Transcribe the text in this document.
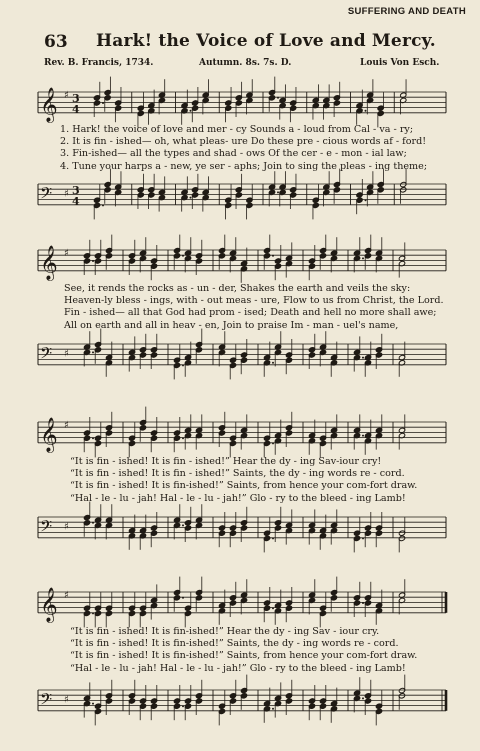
SUFFERING AND DEATH
63 Hark! the Voice of Love and Mercy.
Rev. B. Francis, 1734.	Autumn. 8s. 7s. D.	Louis Von Esch.
𝄞 ♯ 3
4
1. Hark! the voice of love and mer - cy Sounds a - loud from Cal - va - ry;
2. It is fin - ished— oh, what pleas- ure Do these pre - cious words af - ford!
3. Fin-ished— all the types and shad - ows Of the cer - e - mon - ial law;
4. Tune your harps a - new, ye ser - aphs; Join to sing the pleas - ing theme;
𝄢 ♯ 3
4
𝄞 ♯
See, it rends the rocks as - un - der, Shakes the earth and veils the sky:
Heaven-ly bless - ings, with - out meas - ure, Flow to us from Christ, the Lord.
Fin - ished— all that God had prom - ised; Death and hell no more shall awe;
All on earth and all in heav - en, Join to praise Im - man - uel's name,
𝄢 ♯
𝄞 ♯
“It is fin - ished! It is fin - ished!” Hear the dy - ing Sav-iour cry!
“It is fin - ished! It is fin - ished!” Saints, the dy - ing words re - cord.
“It is fin - ished! It is fin-ished!” Saints, from hence your com-fort draw.
“Hal - le - lu - jah! Hal - le - lu - jah!” Glo - ry to the bleed - ing Lamb!
𝄢 ♯
𝄞 ♯
“It is fin - ished! It is fin-ished!” Hear the dy - ing Sav - iour cry.
“It is fin - ished! It is fin-ished!” Saints, the dy - ing words re - cord.
“It is fin - ished! It is fin-ished!” Saints, from hence your com-fort draw.
“Hal - le - lu - jah! Hal - le - lu - jah!” Glo - ry to the bleed - ing Lamb!
𝄢 ♯
